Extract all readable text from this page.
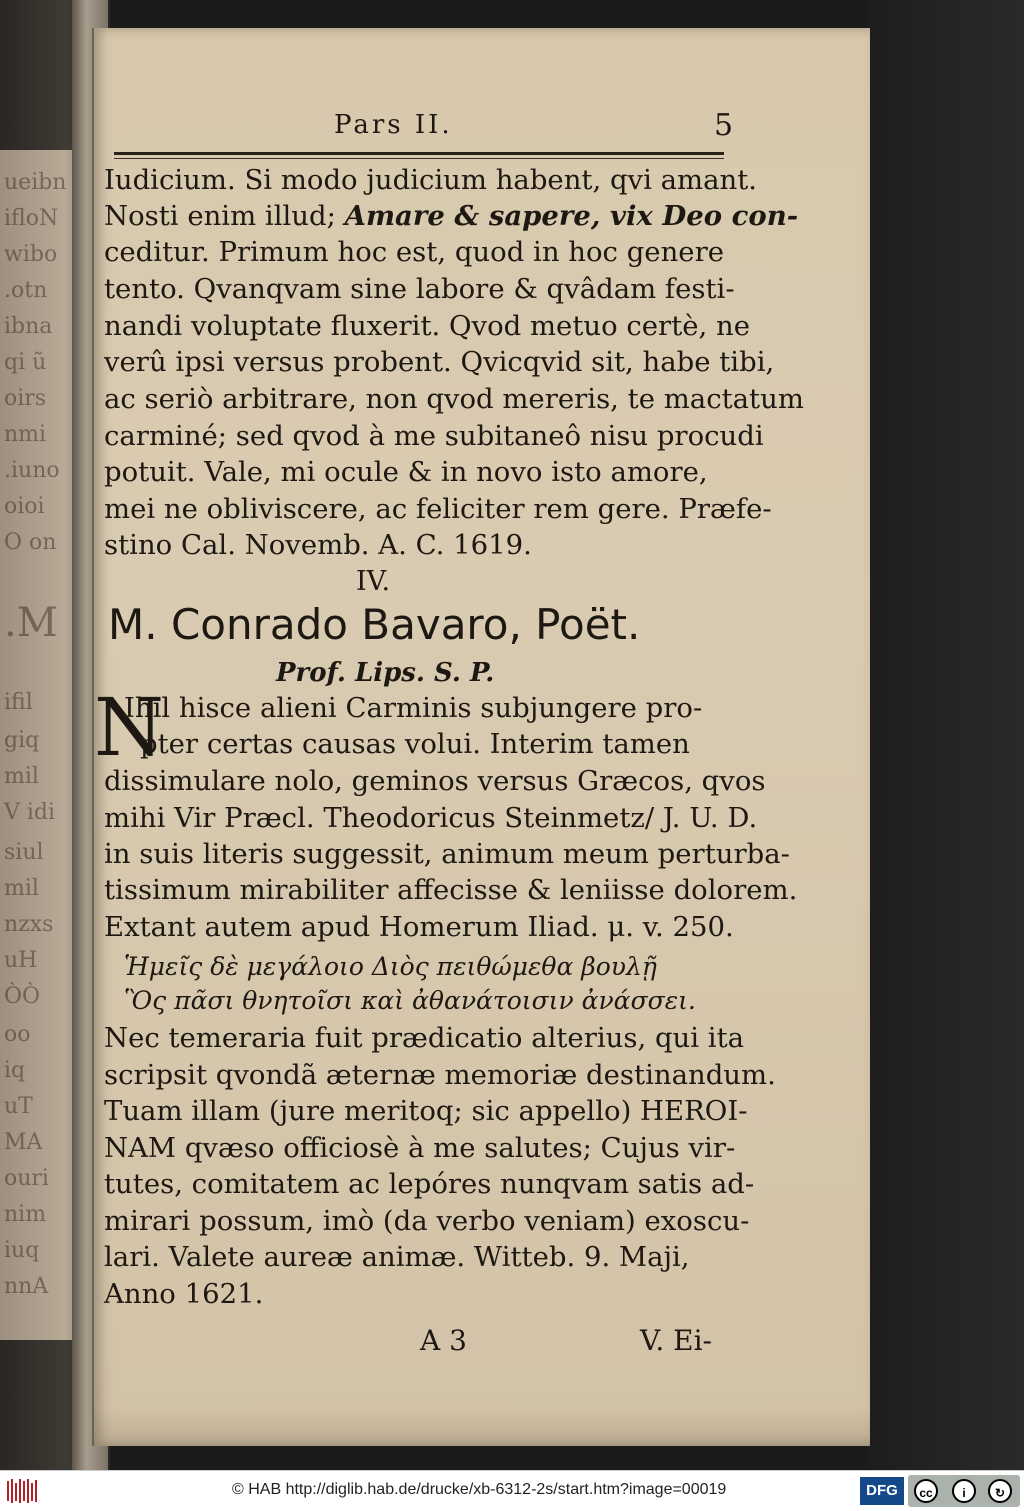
ueibn
ifloN
wibo
.otn
ibna
qi ũ
oirs
nmi
.iuno
oioi
O on
.M
ifil
giq
mil
V idi
siul
mil
nzxs
uH
ÒÒ
oo
iq
uT
MA
ouri
nim
iuq
nnA
Pars II.	5
Iudicium. Si modo judicium habent, qvi amant.
Nosti enim illud; Amare & sapere, vix Deo con-
ceditur. Primum hoc est, quod in hoc genere
tento. Qvanqvam sine labore & qvâdam festi-
nandi voluptate fluxerit. Qvod metuo certè, ne
verû ipsi versus probent. Qvicqvid sit, habe tibi,
ac seriò arbitrare, non qvod mereris, te mactatum
carminé; sed qvod à me subitaneô nisu procudi
potuit. Vale, mi ocule & in novo isto amore,
mei ne obliviscere, ac feliciter rem gere. Præfe-
stino Cal. Novemb. A. C. 1619.
IV.
M. Conrado Bavaro, Poët.
Prof. Lips. S. P.
N
Ihil hisce alieni Carminis subjungere pro-
pter certas causas volui. Interim tamen
dissimulare nolo, geminos versus Græcos, qvos
mihi Vir Præcl. Theodoricus Steinmetz/ J. U. D.
in suis literis suggessit, animum meum perturba-
tissimum mirabiliter affecisse & leniisse dolorem.
Extant autem apud Homerum Iliad. μ. v. 250.
Ἡμεῖς δὲ μεγάλοιο Διὸς πειθώμεθα βουλῇ
Ὃς πᾶσι θνητοῖσι καὶ ἀθανάτοισιν ἀνάσσει.
Nec temeraria fuit prædicatio alterius, qui ita
scripsit qvondã æternæ memoriæ destinandum.
Tuam illam (jure meritoq; sic appello) HEROI-
NAM qvæso officiosè à me salutes; Cujus vir-
tutes, comitatem ac lepóres nunqvam satis ad-
mirari possum, imò (da verbo veniam) exoscu-
lari. Valete aureæ animæ. Witteb. 9. Maji,
Anno 1621.
A 3	V. Ei-
© HAB http://diglib.hab.de/drucke/xb-6312-2s/start.htm?image=00019	DFG	cc	i	↻
